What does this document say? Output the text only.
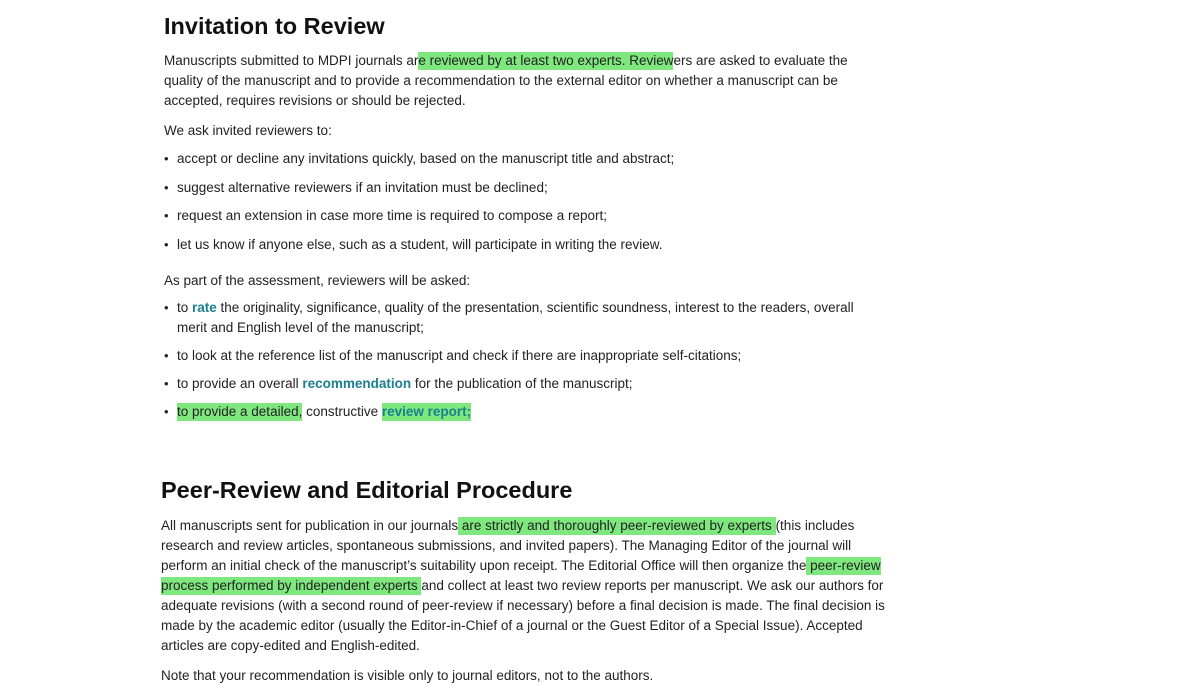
Invitation to Review

Manuscripts submitted to MDPI journals are reviewed by at least two experts. Reviewers are asked to evaluate the quality of the manuscript and to provide a recommendation to the external editor on whether a manuscript can be accepted, requires revisions or should be rejected.

We ask invited reviewers to:

• accept or decline any invitations quickly, based on the manuscript title and abstract;
• suggest alternative reviewers if an invitation must be declined;
• request an extension in case more time is required to compose a report;
• let us know if anyone else, such as a student, will participate in writing the review.

As part of the assessment, reviewers will be asked:

• to rate the originality, significance, quality of the presentation, scientific soundness, interest to the readers, overall merit and English level of the manuscript;
• to look at the reference list of the manuscript and check if there are inappropriate self-citations;
• to provide an overall recommendation for the publication of the manuscript;
• to provide a detailed, constructive review report;
Peer-Review and Editorial Procedure

All manuscripts sent for publication in our journals are strictly and thoroughly peer-reviewed by experts (this includes research and review articles, spontaneous submissions, and invited papers). The Managing Editor of the journal will perform an initial check of the manuscript’s suitability upon receipt. The Editorial Office will then organize the peer-review process performed by independent experts and collect at least two review reports per manuscript. We ask our authors for adequate revisions (with a second round of peer-review if necessary) before a final decision is made. The final decision is made by the academic editor (usually the Editor-in-Chief of a journal or the Guest Editor of a Special Issue). Accepted articles are copy-edited and English-edited.

Note that your recommendation is visible only to journal editors, not to the authors.
